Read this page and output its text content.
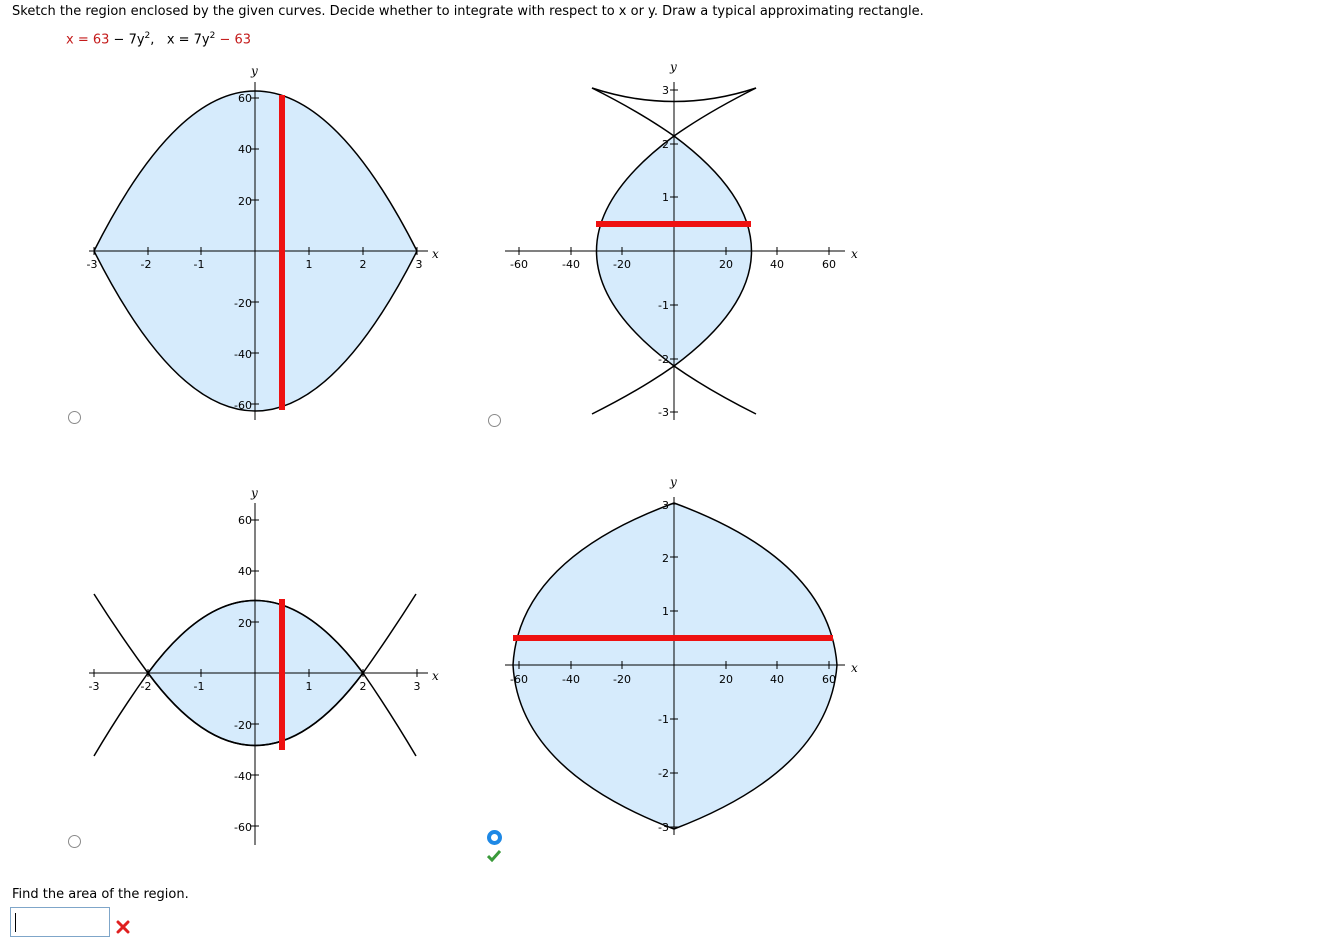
Sketch the region enclosed by the given curves. Decide whether to integrate with respect to x or y. Draw a typical approximating rectangle.
$x = 63 - 7y^2$, $x = 7y^2 - 63$
x
y
-3	-2	-1	1	2	3
60
40
20
-20
-40
-60
x
y
-60	-40	-20	20	40	60
3
2
1
-1
-2
-3
x
y
-3	-2	-1	1	2	3
60
40
20
-20
-40
-60
x
y
-60	-40	-20	20	40	60
3
2
1
-1
-2
-3
Find the area of the region.
